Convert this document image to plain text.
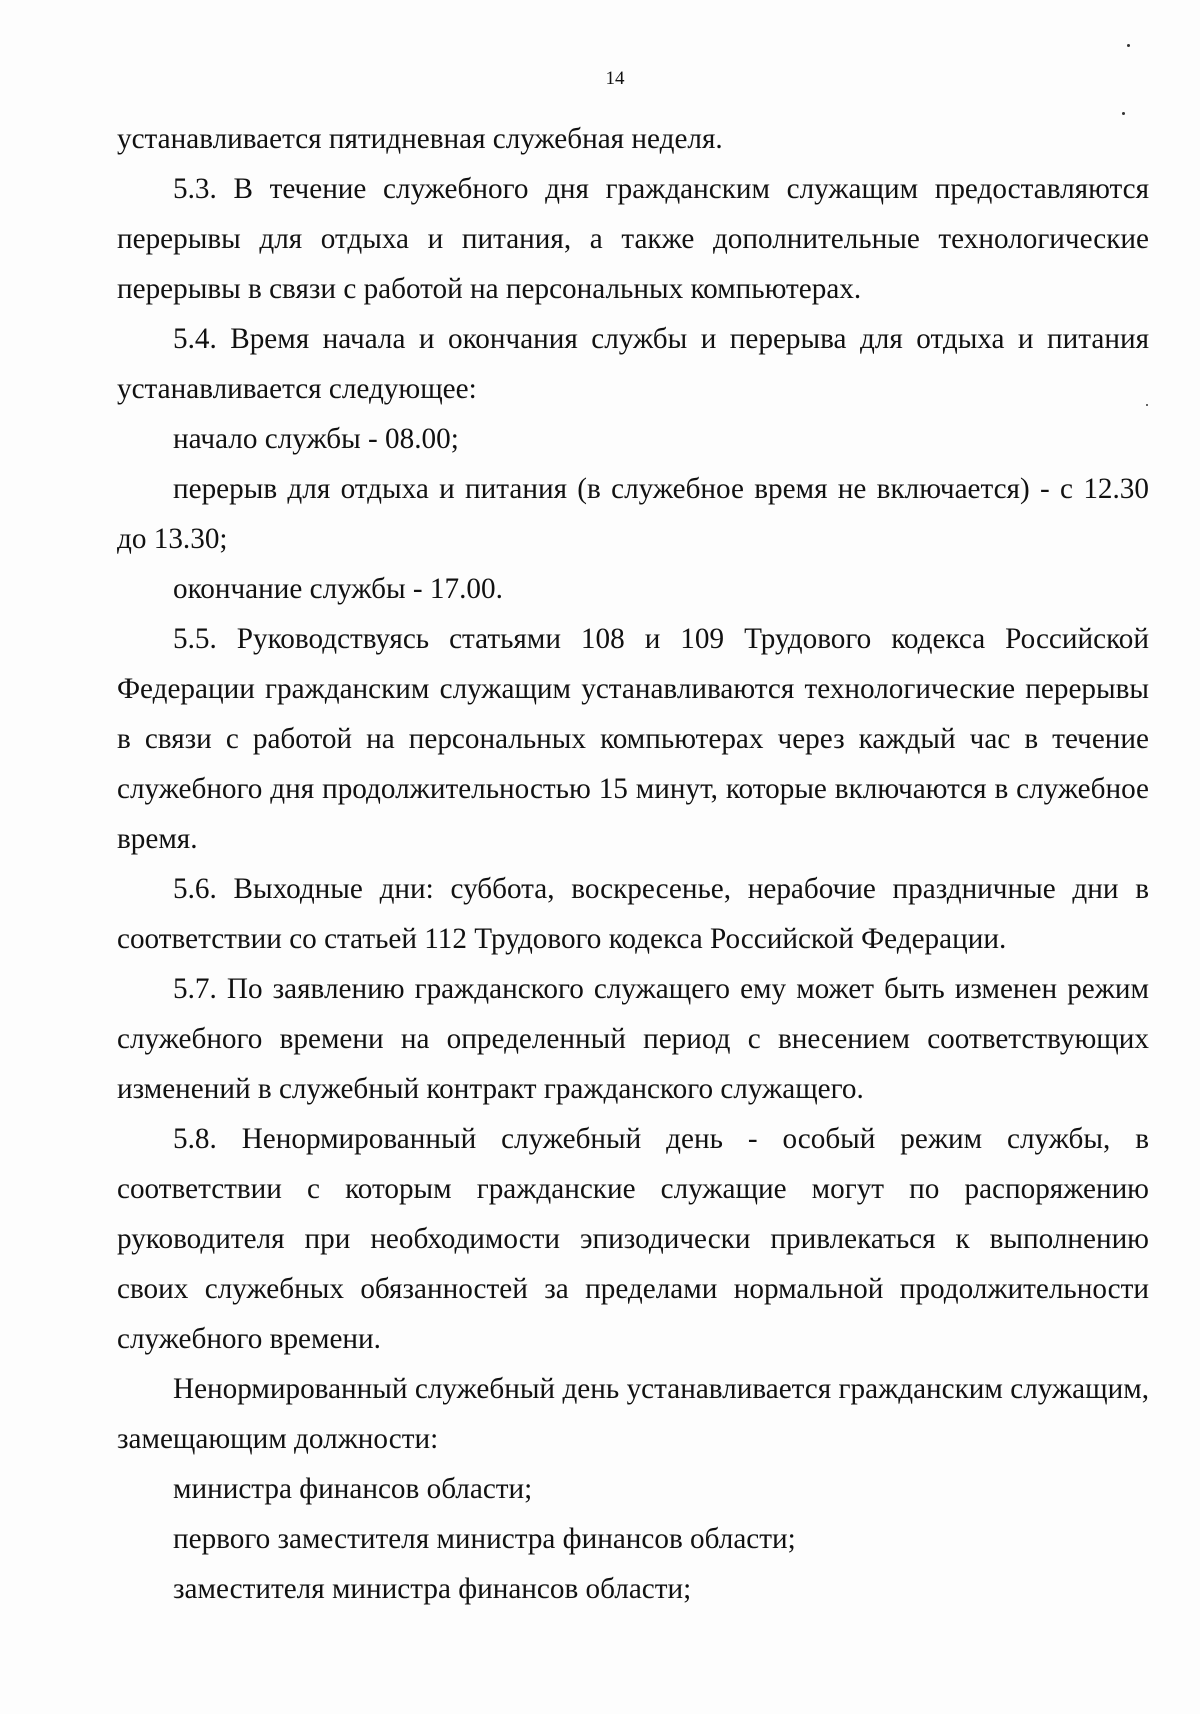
14

устанавливается пятидневная служебная неделя.

5.3. В течение служебного дня гражданским служащим предоставляются перерывы для отдыха и питания, а также дополнительные технологические перерывы в связи с работой на персональных компьютерах.

5.4. Время начала и окончания службы и перерыва для отдыха и питания устанавливается следующее:

начало службы - 08.00;

перерыв для отдыха и питания (в служебное время не включается) - с 12.30 до 13.30;

окончание службы - 17.00.

5.5. Руководствуясь статьями 108 и 109 Трудового кодекса Российской Федерации гражданским служащим устанавливаются технологические перерывы в связи с работой на персональных компьютерах через каждый час в течение служебного дня продолжительностью 15 минут, которые включаются в служебное время.

5.6. Выходные дни: суббота, воскресенье, нерабочие праздничные дни в соответствии со статьей 112 Трудового кодекса Российской Федерации.

5.7. По заявлению гражданского служащего ему может быть изменен режим служебного времени на определенный период с внесением соответствующих изменений в служебный контракт гражданского служащего.

5.8. Ненормированный служебный день - особый режим службы, в соответствии с которым гражданские служащие могут по распоряжению руководителя при необходимости эпизодически привлекаться к выполнению своих служебных обязанностей за пределами нормальной продолжительности служебного времени.

Ненормированный служебный день устанавливается гражданским служащим, замещающим должности:

министра финансов области;

первого заместителя министра финансов области;

заместителя министра финансов области;
